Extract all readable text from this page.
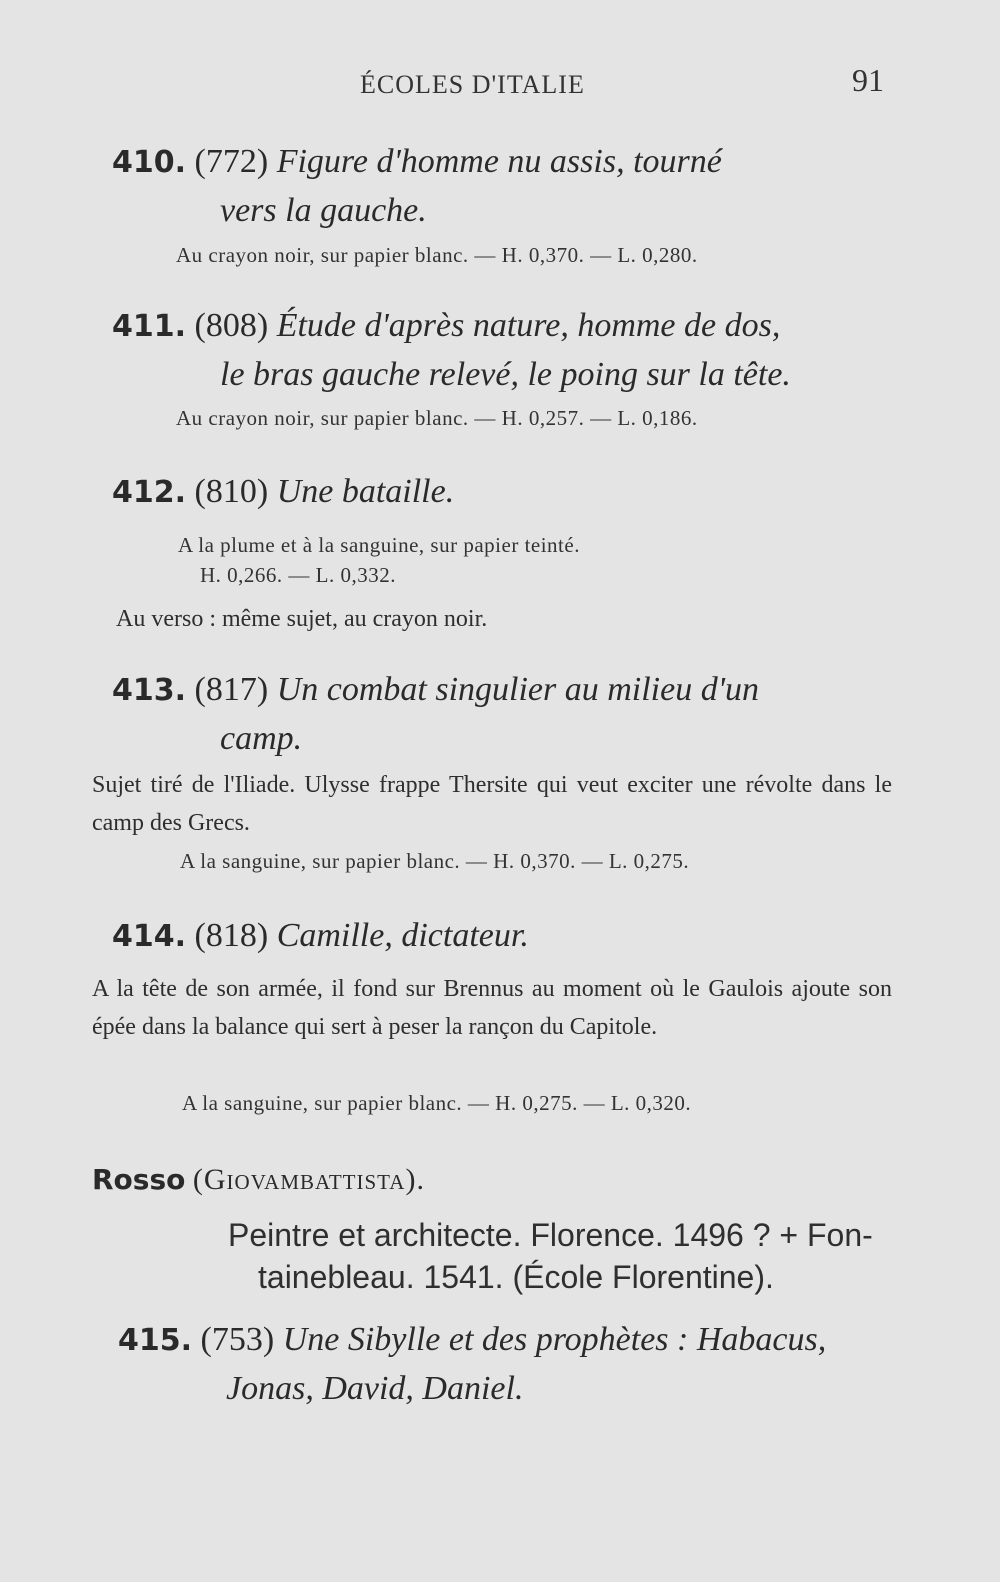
ÉCOLES D'ITALIE	91
410. (772) Figure d'homme nu assis, tourné
vers la gauche.
Au crayon noir, sur papier blanc. — H. 0,370. — L. 0,280.
411. (808) Étude d'après nature, homme de dos,
le bras gauche relevé, le poing sur la tête.
Au crayon noir, sur papier blanc. — H. 0,257. — L. 0,186.
412. (810) Une bataille.
A la plume et à la sanguine, sur papier teinté.
H. 0,266. — L. 0,332.
Au verso : même sujet, au crayon noir.
413. (817) Un combat singulier au milieu d'un
camp.
Sujet tiré de l'Iliade. Ulysse frappe Thersite qui veut exciter une révolte dans le camp des Grecs.
A la sanguine, sur papier blanc. — H. 0,370. — L. 0,275.
414. (818) Camille, dictateur.
A la tête de son armée, il fond sur Brennus au moment où le Gaulois ajoute son épée dans la balance qui sert à peser la rançon du Capitole.
A la sanguine, sur papier blanc. — H. 0,275. — L. 0,320.
Rosso (Giovambattista).
Peintre et architecte. Florence. 1496 ? + Fon-
tainebleau. 1541. (École Florentine).
415. (753) Une Sibylle et des prophètes : Habacus,
Jonas, David, Daniel.
